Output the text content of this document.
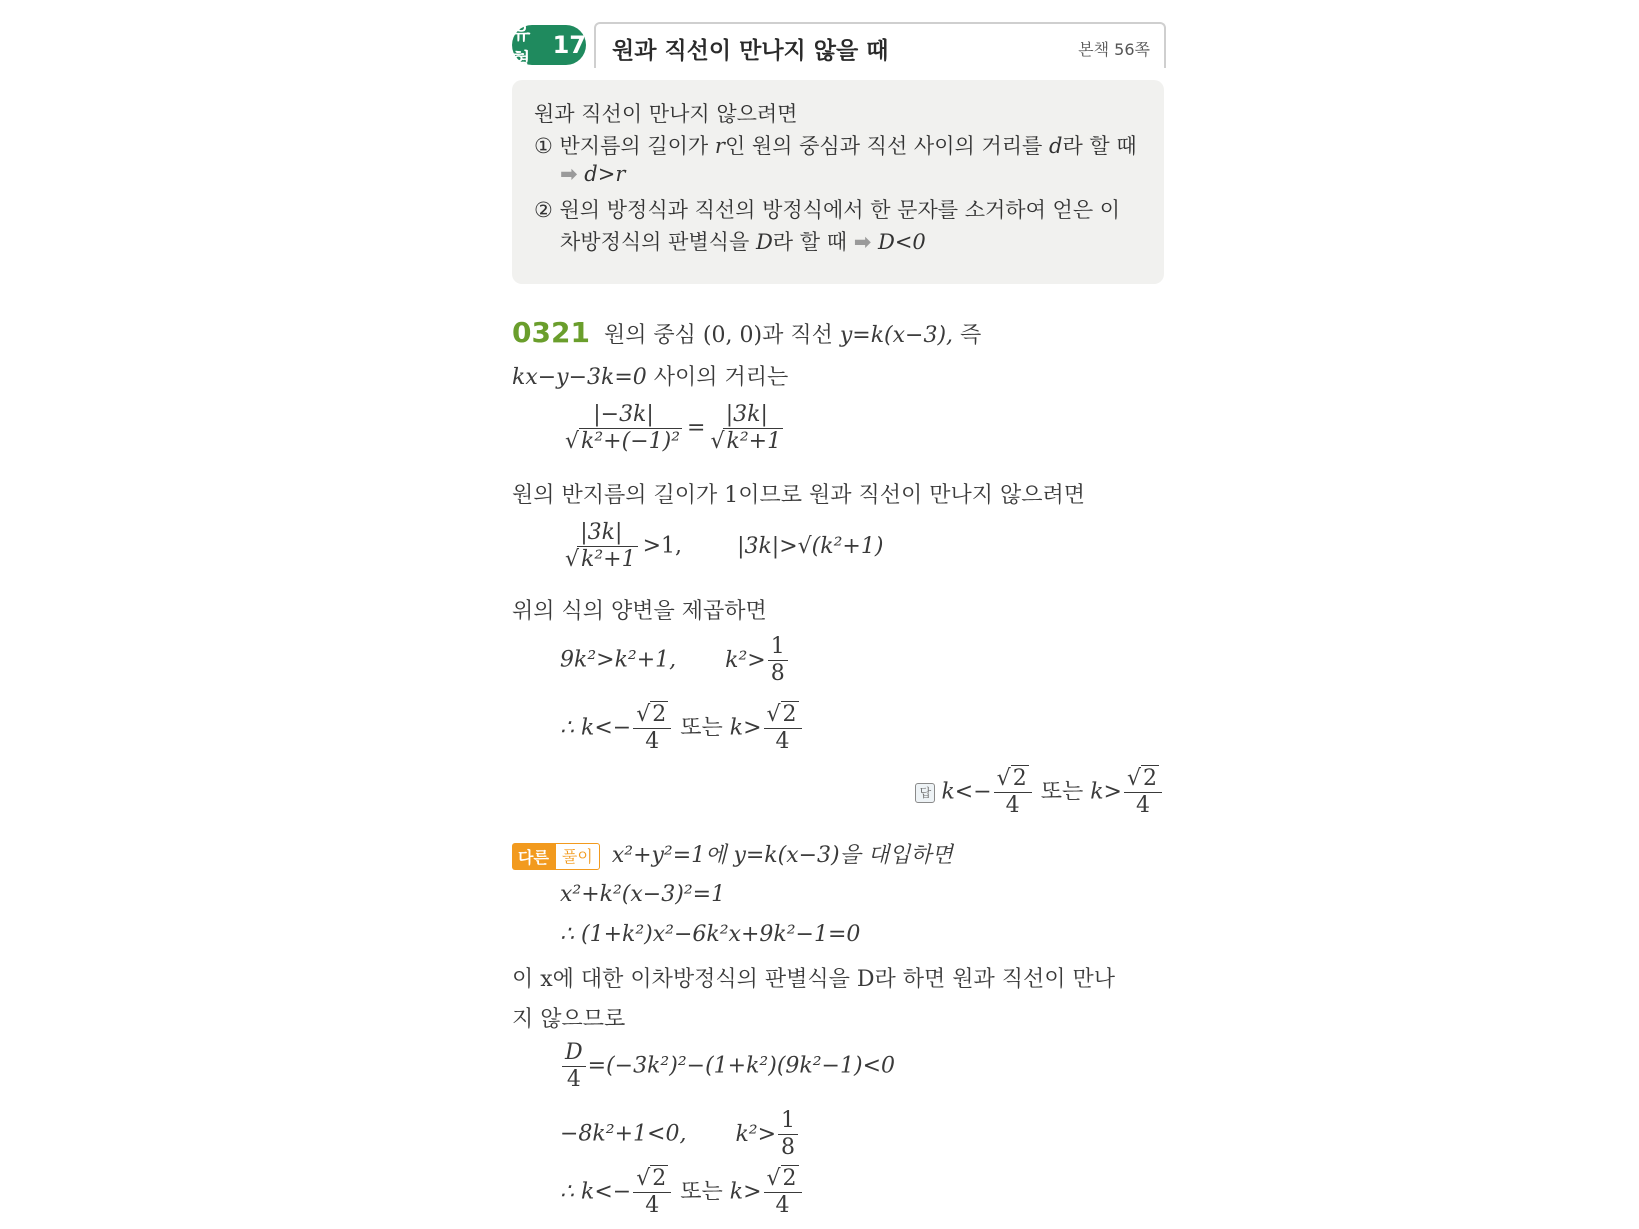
유형
17 원과 직선이 만나지 않을 때	본책 56쪽
원과 직선이 만나지 않으려면
① 반지름의 길이가 r인 원의 중심과 직선 사이의 거리를 d라 할 때
➡ d>r
② 원의 방정식과 직선의 방정식에서 한 문자를 소거하여 얻은 이
차방정식의 판별식을 D라 할 때 ➡ D<0
0321 원의 중심 (0, 0)과 직선 y=k(x−3), 즉
kx−y−3k=0 사이의 거리는
$\frac{|-3k|}{\text{√k²+(−1)²}} = \frac{|3k|}{\text{√k²+1}}$
원의 반지름의 길이가 1이므로 원과 직선이 만나지 않으려면
$\frac{|3k|}{\text{√k²+1}} >1$,	|3k|>√(k²+1)
위의 식의 양변을 제곱하면
9k²>k²+1, $k^2> \frac{1}{8}$
∴ $k<- \frac{√2}{4}$ 또는 $k> \frac{√2}{4}$
답 $k<- \frac{√2}{4}$ 또는 $k> \frac{√2}{4}$
다른 풀이 x²+y²=1에 y=k(x−3)을 대입하면
x²+k²(x−3)²=1
∴ (1+k²)x²−6k²x+9k²−1=0
이 x에 대한 이차방정식의 판별식을 D라 하면 원과 직선이 만나
지 않으므로
$\frac{D}{4} =(-3k^2)^2-(1+k^2)(9k^2-1)<0$
−8k²+1<0, $k^2> \frac{1}{8}$
∴ $k<- \frac{√2}{4}$ 또는 $k> \frac{√2}{4}$
